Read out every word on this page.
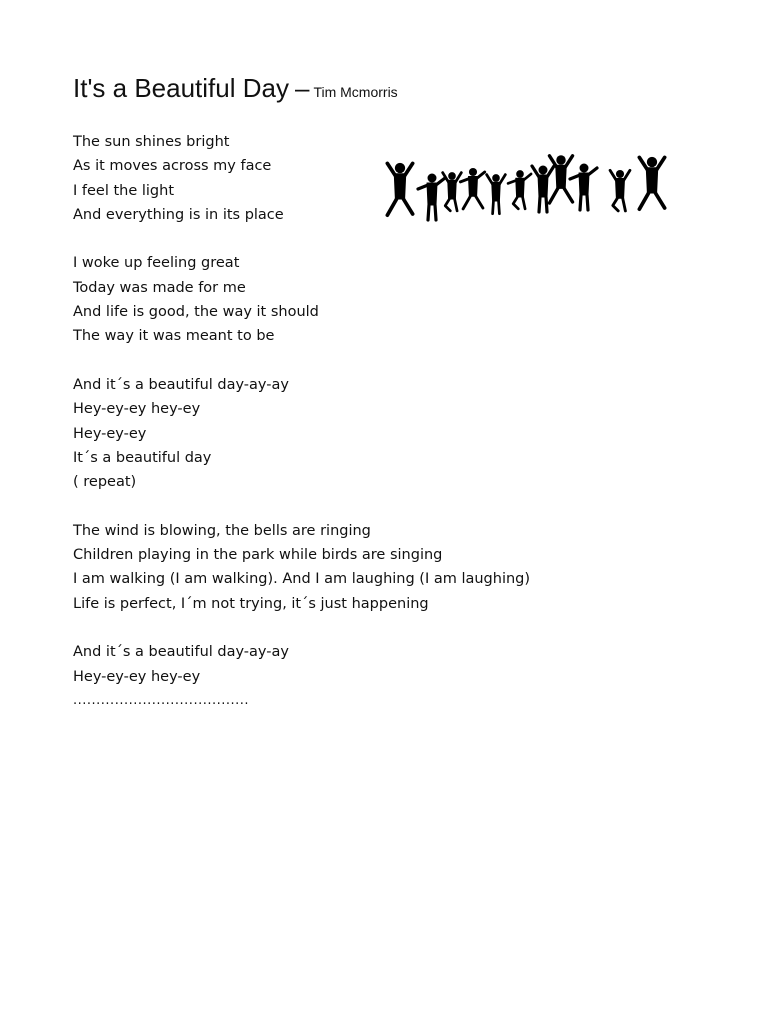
It's a Beautiful Day – Tim Mcmorris
The sun shines bright
As it moves across my face
I feel the light
And everything is in its place
I woke up feeling great
Today was made for me
And life is good, the way it should
The way it was meant to be
And it´s a beautiful day-ay-ay
Hey-ey-ey hey-ey
Hey-ey-ey
It´s a beautiful day
( repeat)
The wind is blowing, the bells are ringing
Children playing in the park while birds are singing
I am walking (I am walking). And I am laughing (I am laughing)
Life is perfect, I´m not trying, it´s just happening
And it´s a beautiful day-ay-ay
Hey-ey-ey hey-ey
......................................
